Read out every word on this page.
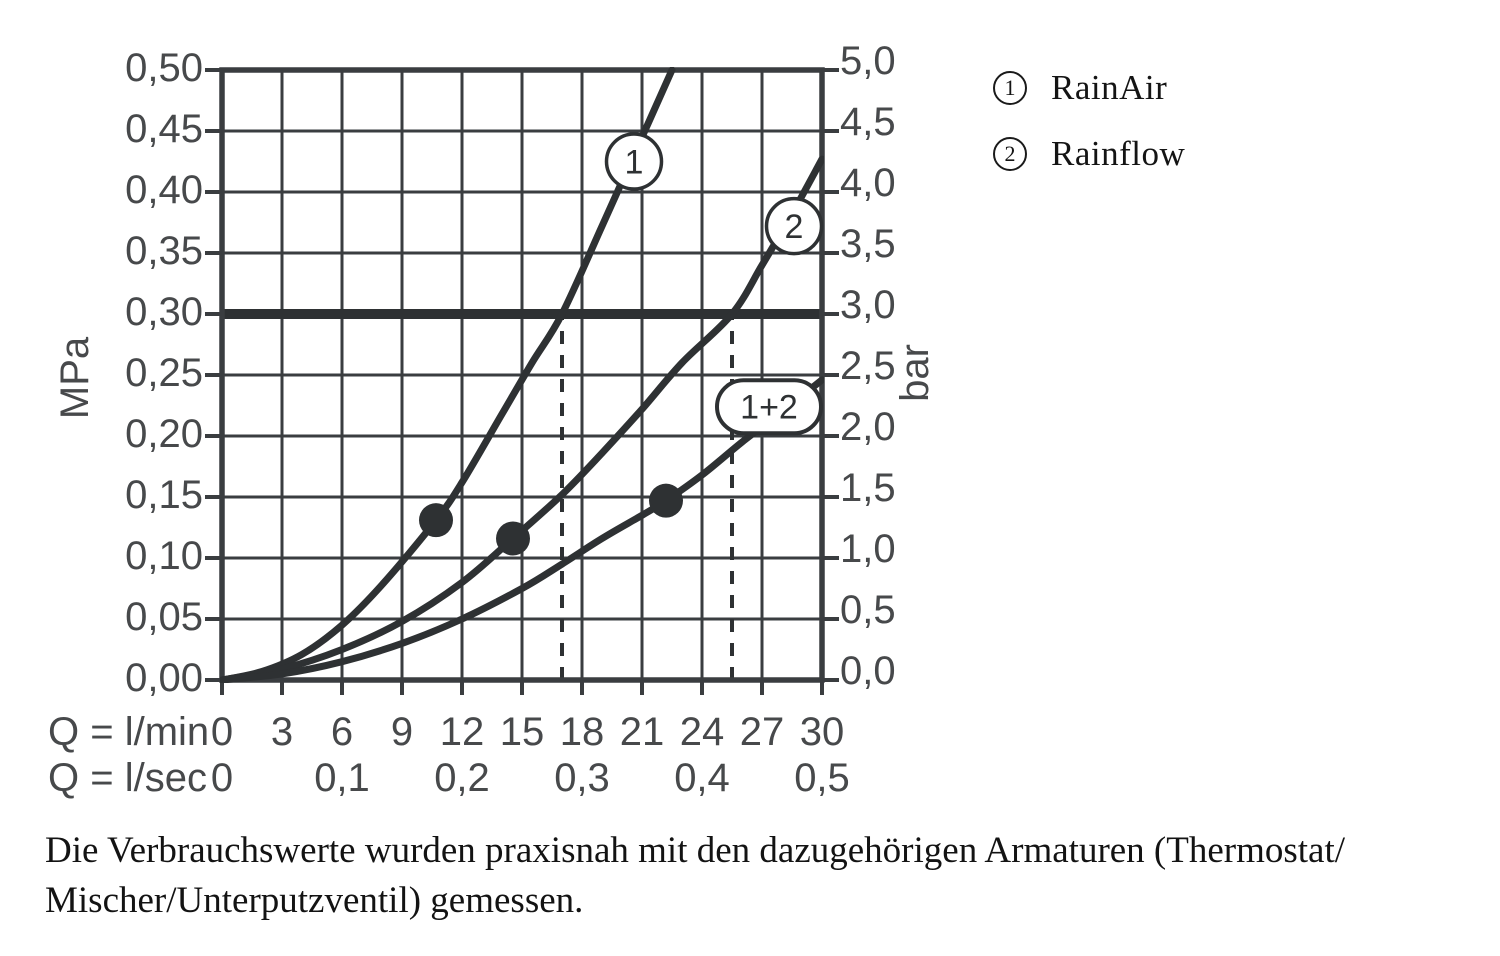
1
2
1+2
0,00
0,05
0,10
0,15
0,20
0,25
0,30
0,35
0,40
0,45
0,50
0,0
0,5
1,0
1,5
2,0
2,5
3,0
3,5
4,0
4,5
5,0
0 3 6 9 12 15 18 21 24 27 30
0 0,1 0,2 0,3 0,4 0,5
Q = l/min
Q = l/sec
MPa	bar
1 RainAir
2 Rainflow
Die Verbrauchswerte wurden praxisnah mit den dazugehörigen Armaturen (Thermostat/
Mischer/Unterputzventil) gemessen.
